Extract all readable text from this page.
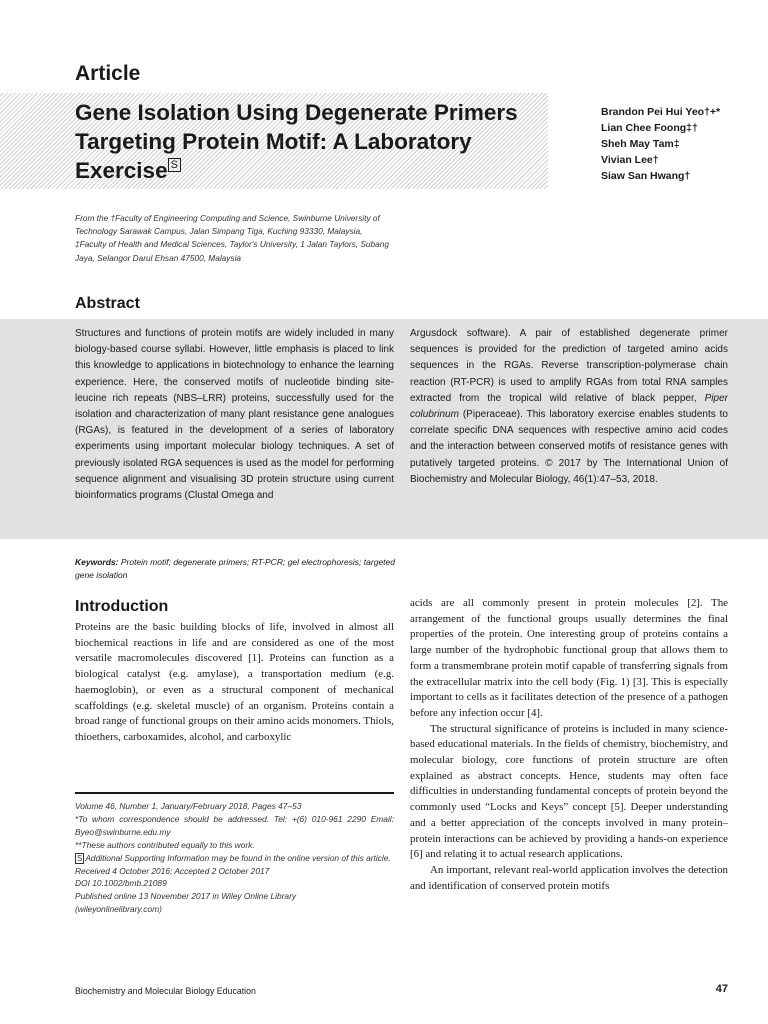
Article
Gene Isolation Using Degenerate Primers
Targeting Protein Motif: A Laboratory
Exercise S
Brandon Pei Hui Yeo†+*
Lian Chee Foong‡†
Sheh May Tam‡
Vivian Lee†
Siaw San Hwang†
From the †Faculty of Engineering Computing and Science, Swinburne University of Technology Sarawak Campus, Jalan Simpang Tiga, Kuching 93330, Malaysia, ‡Faculty of Health and Medical Sciences, Taylor's University, 1 Jalan Taylors, Subang Jaya, Selangor Darul Ehsan 47500, Malaysia
Abstract
Structures and functions of protein motifs are widely included in many biology-based course syllabi. However, little emphasis is placed to link this knowledge to applications in biotechnology to enhance the learning experience. Here, the conserved motifs of nucleotide binding site-leucine rich repeats (NBS–LRR) proteins, successfully used for the isolation and characterization of many plant resistance gene analogues (RGAs), is featured in the development of a series of laboratory experiments using important molecular biology techniques. A set of previously isolated RGA sequences is used as the model for performing sequence alignment and visualising 3D protein structure using current bioinformatics programs (Clustal Omega and
Argusdock software). A pair of established degenerate primer sequences is provided for the prediction of targeted amino acids sequences in the RGAs. Reverse transcription-polymerase chain reaction (RT-PCR) is used to amplify RGAs from total RNA samples extracted from the tropical wild relative of black pepper, Piper colubrinum (Piperaceae). This laboratory exercise enables students to correlate specific DNA sequences with respective amino acid codes and the interaction between conserved motifs of resistance genes with putatively targeted proteins. © 2017 by The International Union of Biochemistry and Molecular Biology, 46(1):47–53, 2018.
Keywords: Protein motif; degenerate primers; RT-PCR; gel electrophoresis; targeted gene isolation
Introduction

Proteins are the basic building blocks of life, involved in almost all biochemical reactions in life and are considered as one of the most versatile macromolecules discovered [1]. Proteins can function as a biological catalyst (e.g. amylase), a transportation medium (e.g. haemoglobin), or even as a structural component of mechanical scaffoldings (e.g. skeletal muscle) of an organism. Proteins contain a broad range of functional groups on their amino acids monomers. Thiols, thioethers, carboxamides, alcohol, and carboxylic

acids are all commonly present in protein molecules [2]. The arrangement of the functional groups usually determines the final properties of the protein. One interesting group of proteins contains a large number of the hydrophobic functional group that allows them to form a transmembrane protein motif capable of transferring signals from the extracellular matrix into the cell body (Fig. 1) [3]. This is especially important to cells as it facilitates detection of the presence of a pathogen before any infection occur [4].

The structural significance of proteins is included in many science-based educational materials. In the fields of chemistry, biochemistry, and molecular biology, core functions of protein structure are often explained as abstract concepts. Hence, students may often face difficulties in understanding fundamental concepts of protein beyond the commonly used “Locks and Keys” concept [5]. Deeper understanding and a better appreciation of the concepts involved in many protein–protein interactions can be achieved by providing a hands-on experience [6] and relating it to actual research applications.

An important, relevant real-world application involves the detection and identification of conserved protein motifs

Volume 46, Number 1, January/February 2018, Pages 47–53
*To whom correspondence should be addressed. Tel: +(6) 010-961 2290 Email: Byeo@swinburne.edu.my
**These authors contributed equally to this work.
S Additional Supporting Information may be found in the online version of this article.
Received 4 October 2016; Accepted 2 October 2017
DOI 10.1002/bmb.21089
Published online 13 November 2017 in Wiley Online Library
(wileyonlinelibrary.com)
Biochemistry and Molecular Biology Education	47
